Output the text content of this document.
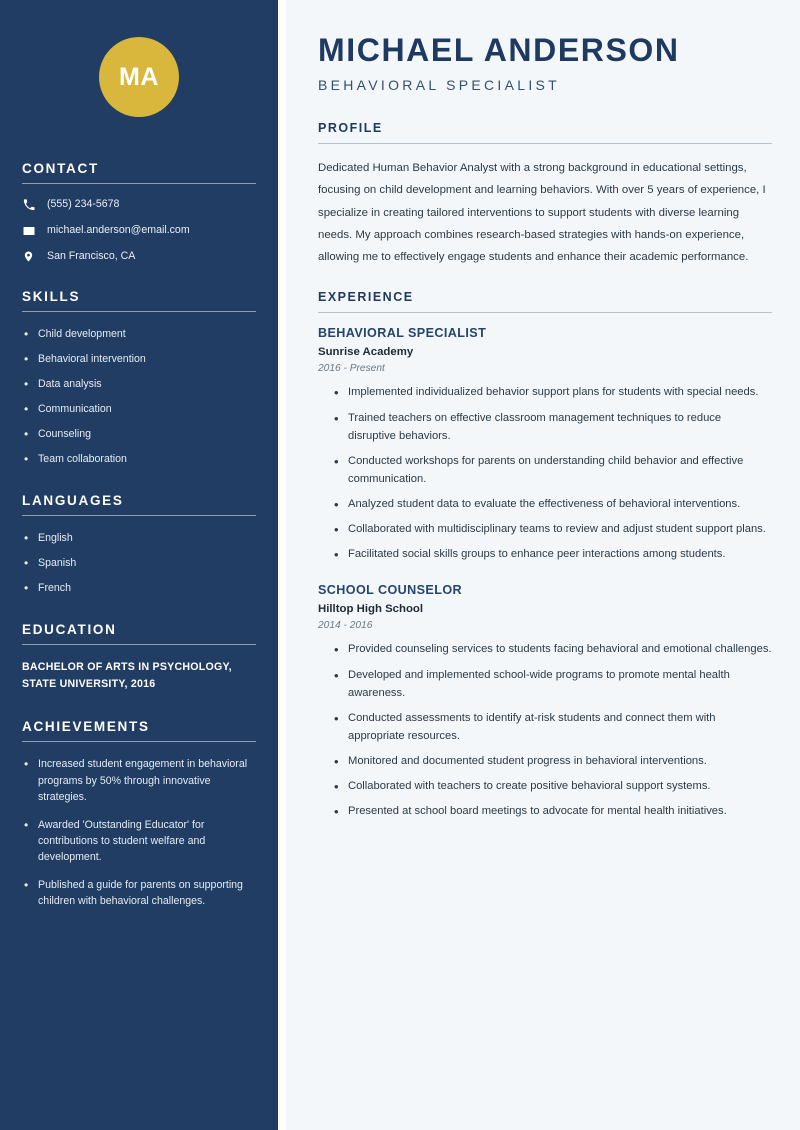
MA
CONTACT
(555) 234-5678
michael.anderson@email.com
San Francisco, CA
SKILLS
• Child development
• Behavioral intervention
• Data analysis
• Communication
• Counseling
• Team collaboration
LANGUAGES
• English
• Spanish
• French
EDUCATION
BACHELOR OF ARTS IN PSYCHOLOGY,
STATE UNIVERSITY, 2016
ACHIEVEMENTS
• Increased student engagement in behavioral programs by 50% through innovative strategies.
• Awarded 'Outstanding Educator' for contributions to student welfare and development.
• Published a guide for parents on supporting children with behavioral challenges.
MICHAEL ANDERSON
BEHAVIORAL SPECIALIST
PROFILE

Dedicated Human Behavior Analyst with a strong background in educational settings, focusing on child development and learning behaviors. With over 5 years of experience, I specialize in creating tailored interventions to support students with diverse learning needs. My approach combines research-based strategies with hands-on experience, allowing me to effectively engage students and enhance their academic performance.

EXPERIENCE
BEHAVIORAL SPECIALIST
Sunrise Academy
2016 - Present
• Implemented individualized behavior support plans for students with special needs.
• Trained teachers on effective classroom management techniques to reduce disruptive behaviors.
• Conducted workshops for parents on understanding child behavior and effective communication.
• Analyzed student data to evaluate the effectiveness of behavioral interventions.
• Collaborated with multidisciplinary teams to review and adjust student support plans.
• Facilitated social skills groups to enhance peer interactions among students.
SCHOOL COUNSELOR
Hilltop High School
2014 - 2016
• Provided counseling services to students facing behavioral and emotional challenges.
• Developed and implemented school-wide programs to promote mental health awareness.
• Conducted assessments to identify at-risk students and connect them with appropriate resources.
• Monitored and documented student progress in behavioral interventions.
• Collaborated with teachers to create positive behavioral support systems.
• Presented at school board meetings to advocate for mental health initiatives.
